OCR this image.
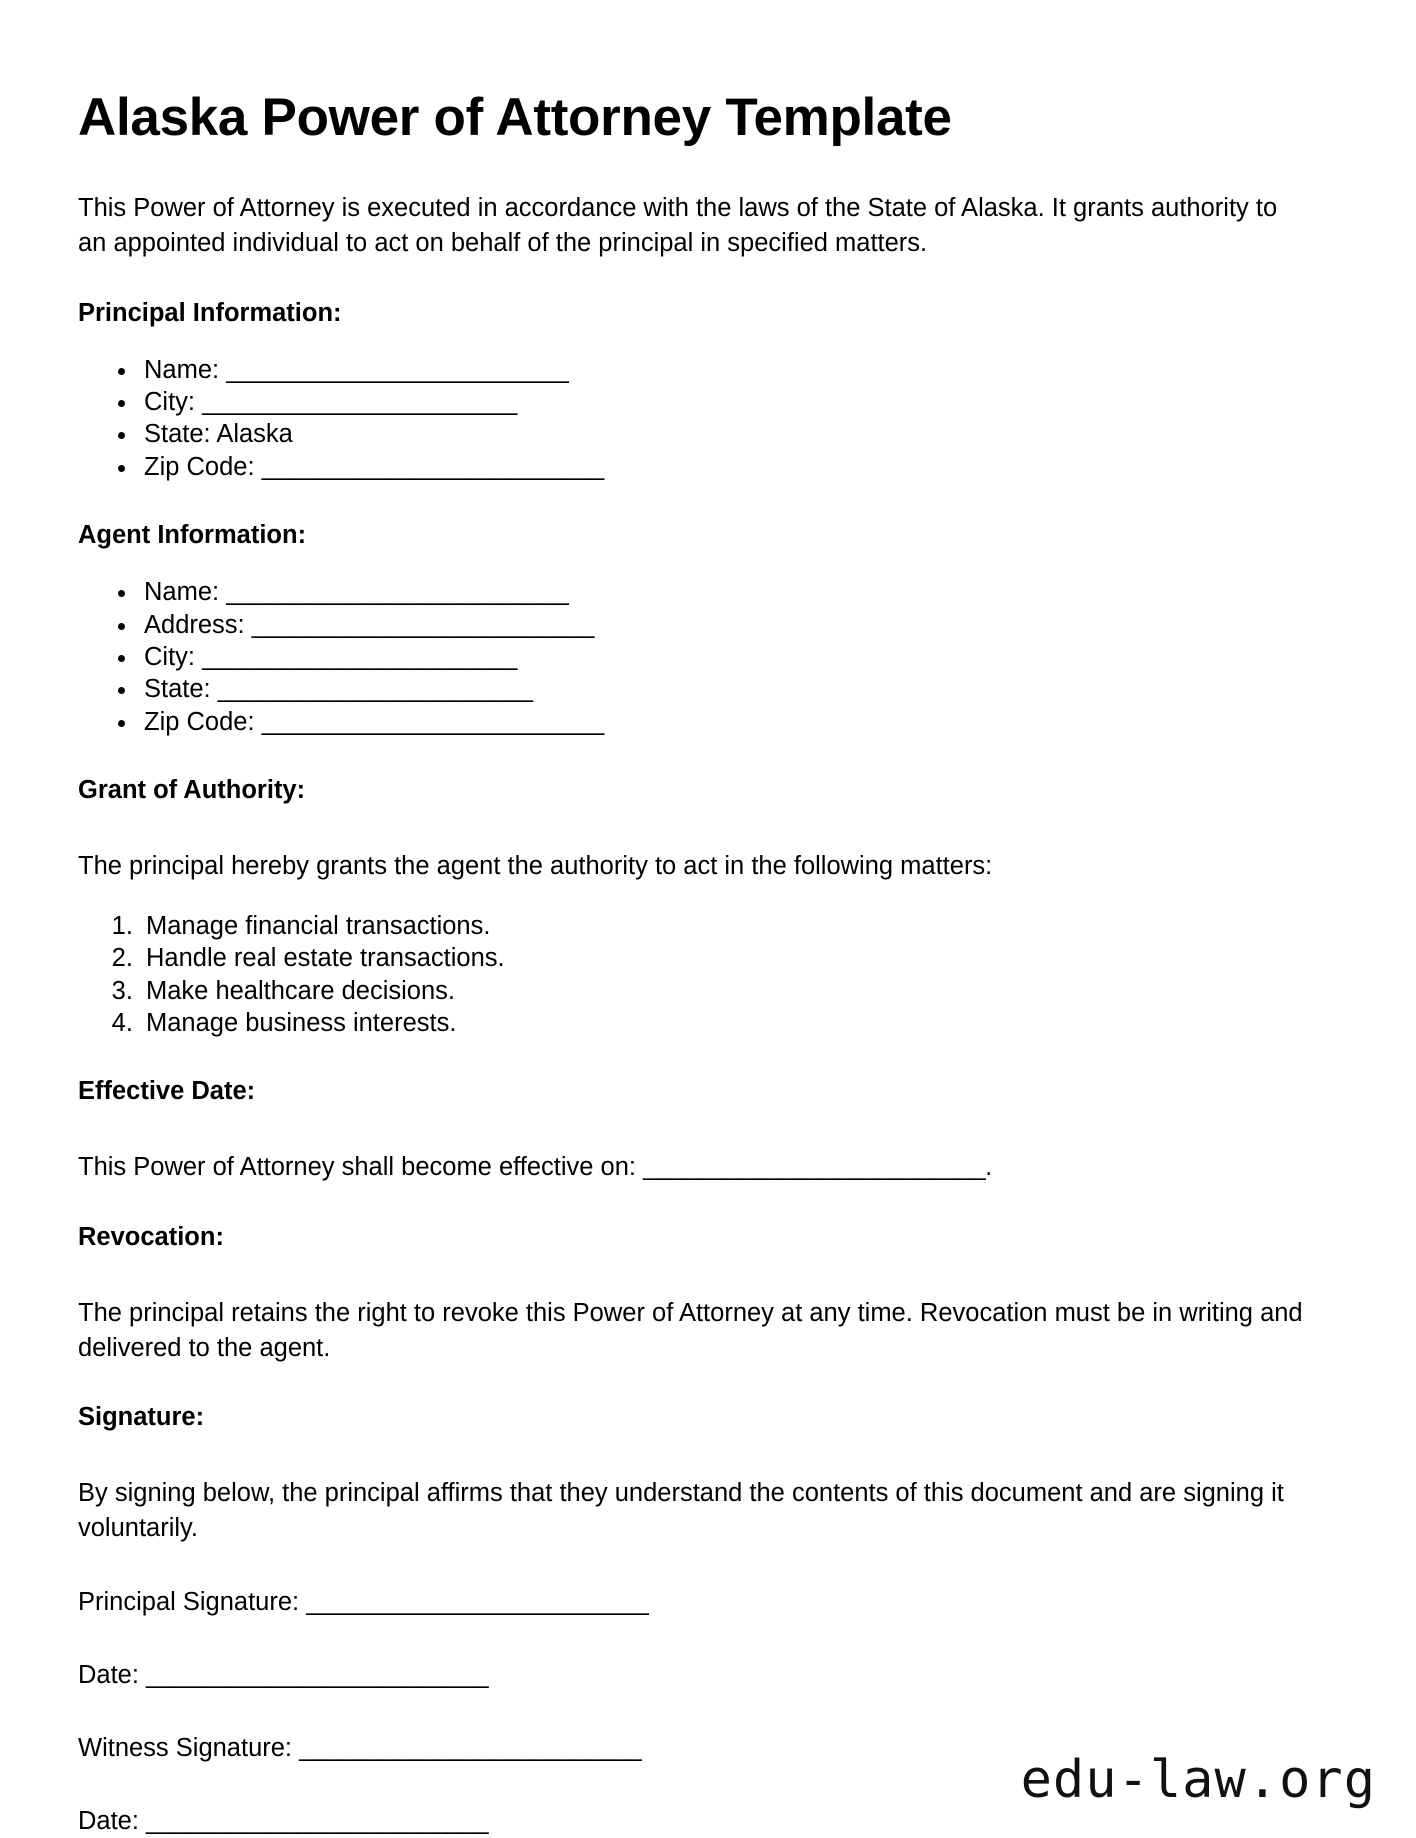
Alaska Power of Attorney Template

This Power of Attorney is executed in accordance with the laws of the State of Alaska. It grants authority to an appointed individual to act on behalf of the principal in specified matters.

Principal Information:
• Name: _________________________
• City: _______________________
• State: Alaska
• Zip Code: _________________________
Agent Information:
• Name: _________________________
• Address: _________________________
• City: _______________________
• State: _______________________
• Zip Code: _________________________
Grant of Authority:

The principal hereby grants the agent the authority to act in the following matters:

1. Manage financial transactions.
2. Handle real estate transactions.
3. Make healthcare decisions.
4. Manage business interests.
Effective Date:

This Power of Attorney shall become effective on: _________________________.

Revocation:

The principal retains the right to revoke this Power of Attorney at any time. Revocation must be in writing and delivered to the agent.

Signature:

By signing below, the principal affirms that they understand the contents of this document and are signing it voluntarily.

Principal Signature: _________________________

Date: _________________________

Witness Signature: _________________________

Date: _________________________

edu-law.org
